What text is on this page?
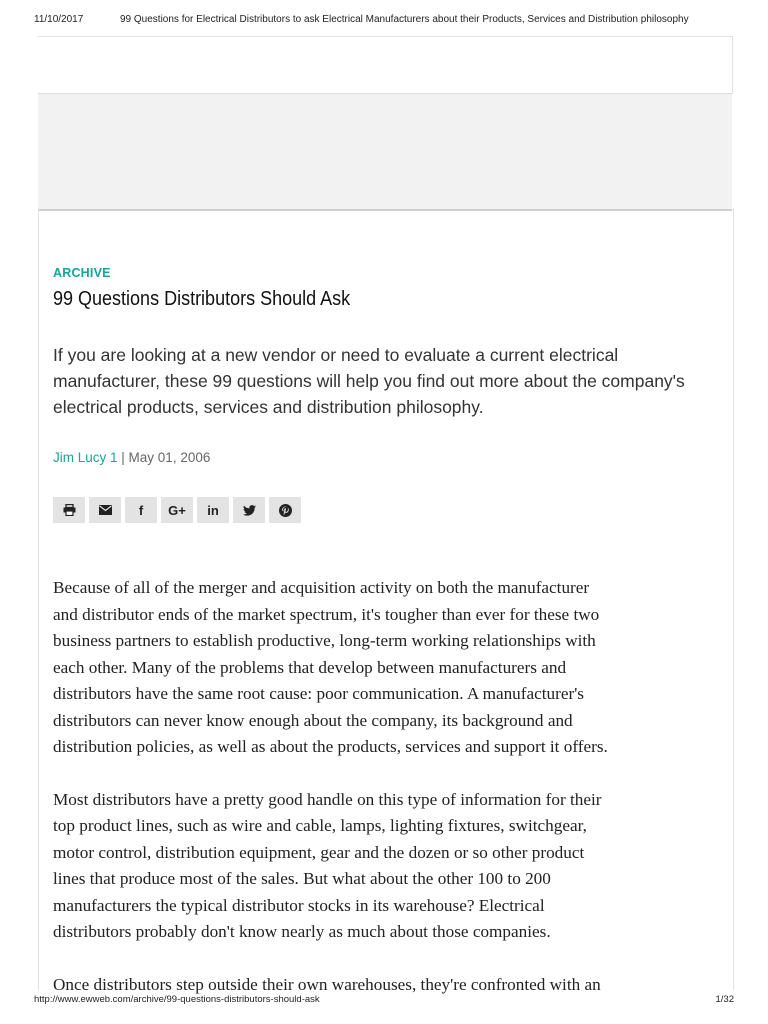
11/10/2017	99 Questions for Electrical Distributors to ask Electrical Manufacturers about their Products, Services and Distribution philosophy
ARCHIVE
99 Questions Distributors Should Ask

If you are looking at a new vendor or need to evaluate a current electrical manufacturer, these 99 questions will help you find out more about the company's electrical products, services and distribution philosophy.

Jim Lucy 1 | May 01, 2006
f G+ in

Because of all of the merger and acquisition activity on both the manufacturer
and distributor ends of the market spectrum, it's tougher than ever for these two
business partners to establish productive, long-term working relationships with
each other. Many of the problems that develop between manufacturers and
distributors have the same root cause: poor communication. A manufacturer's
distributors can never know enough about the company, its background and
distribution policies, as well as about the products, services and support it offers.

Most distributors have a pretty good handle on this type of information for their
top product lines, such as wire and cable, lamps, lighting fixtures, switchgear,
motor control, distribution equipment, gear and the dozen or so other product
lines that produce most of the sales. But what about the other 100 to 200
manufacturers the typical distributor stocks in its warehouse? Electrical
distributors probably don't know nearly as much about those companies.

Once distributors step outside their own warehouses, they're confronted with an

http://www.ewweb.com/archive/99-questions-distributors-should-ask	1/32
